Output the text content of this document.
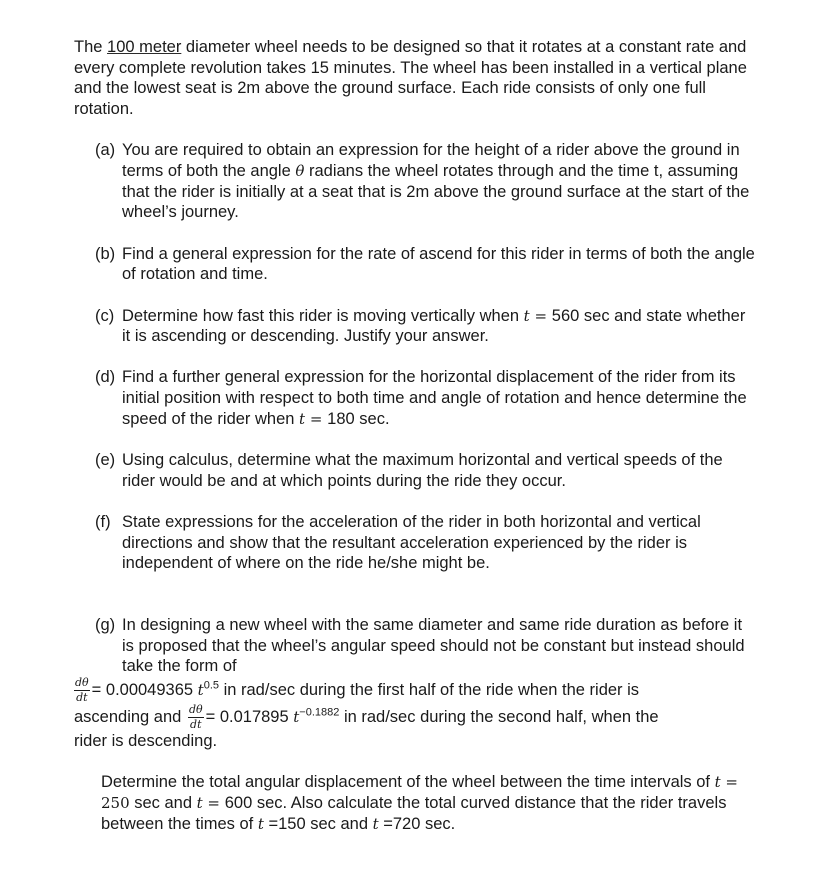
The 100 meter diameter wheel needs to be designed so that it rotates at a constant rate and every complete revolution takes 15 minutes. The wheel has been installed in a vertical plane and the lowest seat is 2m above the ground surface. Each ride consists of only one full rotation.

(a) You are required to obtain an expression for the height of a rider above the ground in terms of both the angle θ radians the wheel rotates through and the time t, assuming that the rider is initially at a seat that is 2m above the ground surface at the start of the wheel’s journey.
(b) Find a general expression for the rate of ascend for this rider in terms of both the angle of rotation and time.
(c) Determine how fast this rider is moving vertically when t = 560 sec and state whether it is ascending or descending. Justify your answer.
(d) Find a further general expression for the horizontal displacement of the rider from its initial position with respect to both time and angle of rotation and hence determine the speed of the rider when t = 180 sec.
(e) Using calculus, determine what the maximum horizontal and vertical speeds of the rider would be and at which points during the ride they occur.
(f) State expressions for the acceleration of the rider in both horizontal and vertical directions and show that the resultant acceleration experienced by the rider is independent of where on the ride he/she might be.
(g) In designing a new wheel with the same diameter and same ride duration as before it is proposed that the wheel’s angular speed should not be constant but instead should take the form of

$\frac{d\theta}{dt} = 0.00049365$ $t^{0.5}$ in rad/sec during the first half of the ride when the rider is

ascending and $\frac{d\theta}{dt} = 0.017895$ $t^{-0.1882}$ in rad/sec during the second half, when the

rider is descending.

Determine the total angular displacement of the wheel between the time intervals of t = 250 sec and t = 600 sec. Also calculate the total curved distance that the rider travels between the times of t =150 sec and t =720 sec.
